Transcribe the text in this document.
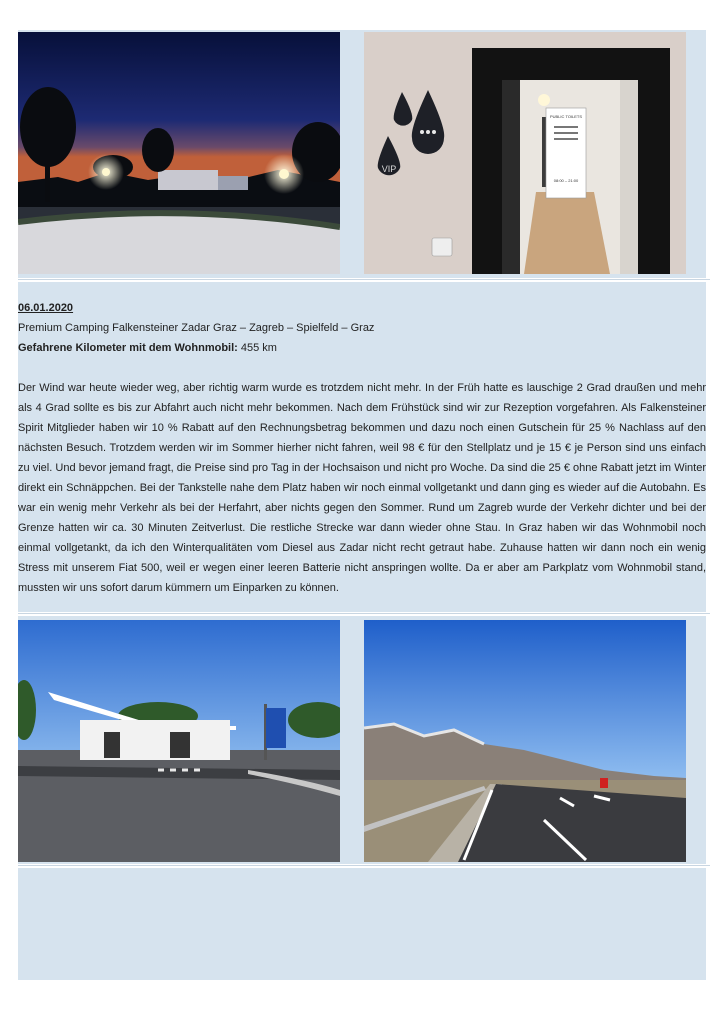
PUBLIC TOILETS
08:00 – 21:00
VIP
06.01.2020
Premium Camping Falkensteiner Zadar Graz – Zagreb – Spielfeld – Graz
Gefahrene Kilometer mit dem Wohnmobil: 455 km

Der Wind war heute wieder weg, aber richtig warm wurde es trotzdem nicht mehr. In der Früh hatte es lauschige 2 Grad draußen und mehr als 4 Grad sollte es bis zur Abfahrt auch nicht mehr bekommen. Nach dem Frühstück sind wir zur Rezeption vorgefahren. Als Falkensteiner Spirit Mitglieder haben wir 10 % Rabatt auf den Rechnungsbetrag bekommen und dazu noch einen Gutschein für 25 % Nachlass auf den nächsten Besuch. Trotzdem werden wir im Sommer hierher nicht fahren, weil 98 € für den Stellplatz und je 15 € je Person sind uns einfach zu viel. Und bevor jemand fragt, die Preise sind pro Tag in der Hochsaison und nicht pro Woche. Da sind die 25 € ohne Rabatt jetzt im Winter direkt ein Schnäppchen. Bei der Tankstelle nahe dem Platz haben wir noch einmal vollgetankt und dann ging es wieder auf die Autobahn. Es war ein wenig mehr Verkehr als bei der Herfahrt, aber nichts gegen den Sommer. Rund um Zagreb wurde der Verkehr dichter und bei der Grenze hatten wir ca. 30 Minuten Zeitverlust. Die restliche Strecke war dann wieder ohne Stau. In Graz haben wir das Wohnmobil noch einmal vollgetankt, da ich den Winterqualitäten vom Diesel aus Zadar nicht recht getraut habe. Zuhause hatten wir dann noch ein wenig Stress mit unserem Fiat 500, weil er wegen einer leeren Batterie nicht anspringen wollte. Da er aber am Parkplatz vom Wohnmobil stand, mussten wir uns sofort darum kümmern um Einparken zu können.
